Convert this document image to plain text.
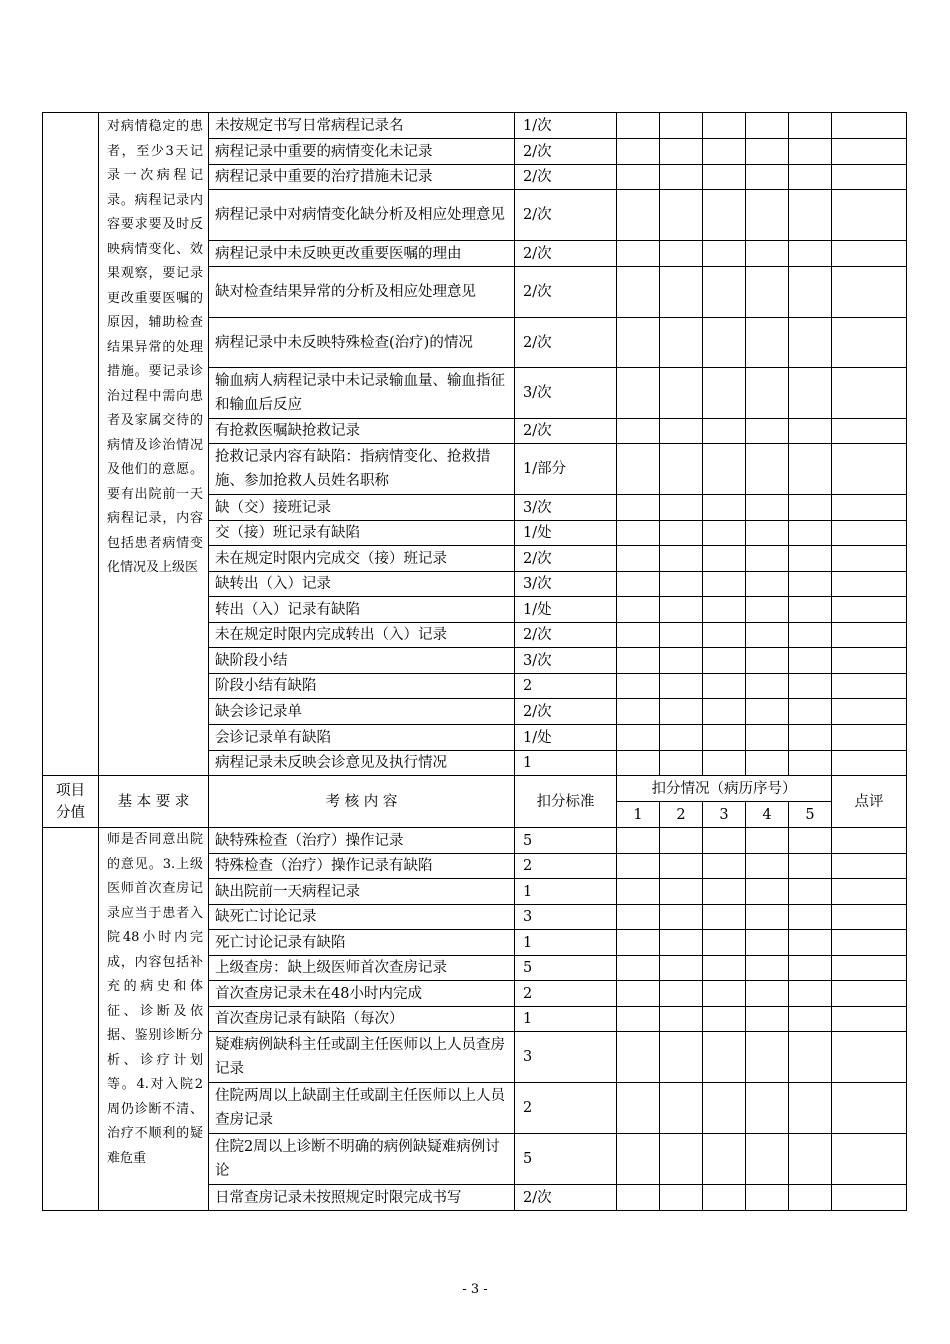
	对病情稳定的患者，至少3天记录一次病程记录。病程记录内容要求要及时反映病情变化、效果观察，要记录更改重要医嘱的原因，辅助检查结果异常的处理措施。要记录诊治过程中需向患者及家属交待的病情及诊治情况及他们的意愿。要有出院前一天病程记录，内容包括患者病情变化情况及上级医	未按规定书写日常病程记录名	1/次						
		病程记录中重要的病情变化未记录	2/次						
		病程记录中重要的治疗措施未记录	2/次						
		病程记录中对病情变化缺分析及相应处理意见	2/次						
		病程记录中未反映更改重要医嘱的理由	2/次						
		缺对检查结果异常的分析及相应处理意见	2/次						
		病程记录中未反映特殊检查(治疗)的情况	2/次						
		输血病人病程记录中未记录输血量、输血指征和输血后反应	3/次						
		有抢救医嘱缺抢救记录	2/次						
		抢救记录内容有缺陷：指病情变化、抢救措施、参加抢救人员姓名职称	1/部分						
		缺（交）接班记录	3/次						
		交（接）班记录有缺陷	1/处						
		未在规定时限内完成交（接）班记录	2/次						
		缺转出（入）记录	3/次						
		转出（入）记录有缺陷	1/处						
		未在规定时限内完成转出（入）记录	2/次						
		缺阶段小结	3/次						
		阶段小结有缺陷	2						
		缺会诊记录单	2/次						
		会诊记录单有缺陷	1/处						
		病程记录未反映会诊意见及执行情况	1						
项目分值	基 本 要 求	考 核 内 容	扣分标准	扣分情况（病历序号）					点评
				1	2	3	4	5	
	师是否同意出院的意见。3.上级医师首次查房记录应当于患者入院48小时内完成，内容包括补充的病史和体征、诊断及依据、鉴别诊断分析、诊疗计划等。4.对入院2周仍诊断不清、治疗不顺利的疑难危重	缺特殊检查（治疗）操作记录	5						
		特殊检查（治疗）操作记录有缺陷	2						
		缺出院前一天病程记录	1						
		缺死亡讨论记录	3						
		死亡讨论记录有缺陷	1						
		上级查房：缺上级医师首次查房记录	5						
		首次查房记录未在48小时内完成	2						
		首次查房记录有缺陷（每次）	1						
		疑难病例缺科主任或副主任医师以上人员查房记录	3						
		住院两周以上缺副主任或副主任医师以上人员查房记录	2						
		住院2周以上诊断不明确的病例缺疑难病例讨论	5						
		日常查房记录未按照规定时限完成书写	2/次						
- 3 -
